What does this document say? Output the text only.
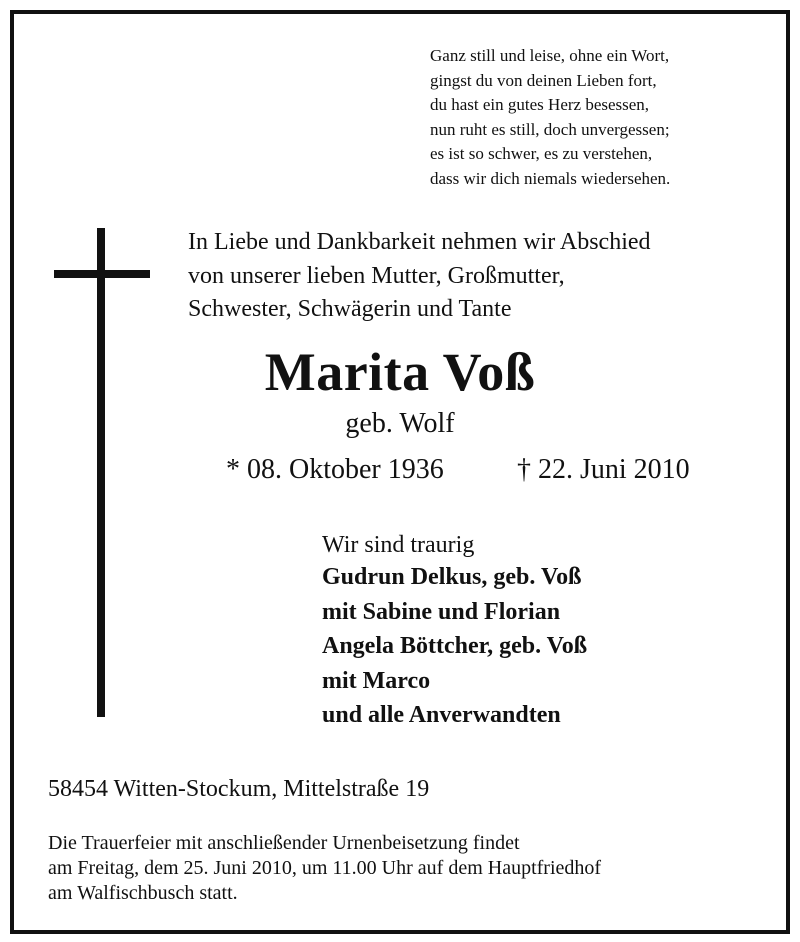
Ganz still und leise, ohne ein Wort,
gingst du von deinen Lieben fort,
du hast ein gutes Herz besessen,
nun ruht es still, doch unvergessen;
es ist so schwer, es zu verstehen,
dass wir dich niemals wiedersehen.
In Liebe und Dankbarkeit nehmen wir Abschied
von unserer lieben Mutter, Großmutter,
Schwester, Schwägerin und Tante
Marita Voß
geb. Wolf
* 08. Oktober 1936	† 22. Juni 2010
Wir sind traurig
Gudrun Delkus, geb. Voß
mit Sabine und Florian
Angela Böttcher, geb. Voß
mit Marco
und alle Anverwandten
58454 Witten-Stockum, Mittelstraße 19
Die Trauerfeier mit anschließender Urnenbeisetzung findet
am Freitag, dem 25. Juni 2010, um 11.00 Uhr auf dem Hauptfriedhof
am Walfischbusch statt.
